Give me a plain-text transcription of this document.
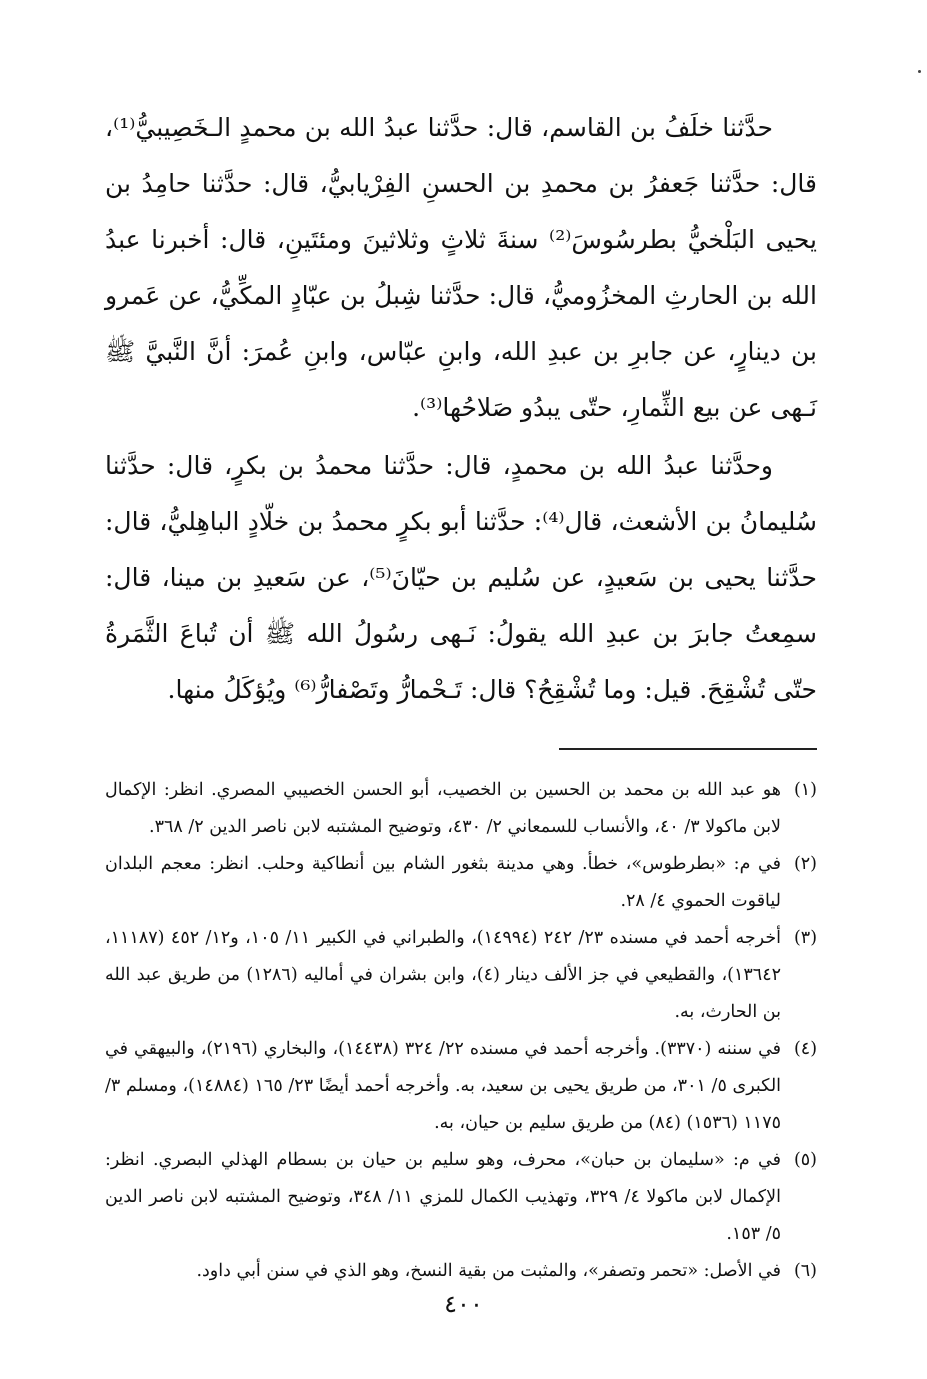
حدَّثنا خلَفُ بن القاسم، قال: حدَّثنا عبدُ الله بن محمدٍ الـخَصِيبيُّ⁽¹⁾، قال: حدَّثنا جَعفرُ بن محمدِ بن الحسنِ الفِرْيابيُّ، قال: حدَّثنا حامِدُ بن يحيى البَلْخيُّ بطرسُوسَ⁽²⁾ سنةَ ثلاثٍ وثلاثينَ ومئتَينِ، قال: أخبرنا عبدُ الله بن الحارثِ المخزُوميُّ، قال: حدَّثنا شِبلُ بن عبّادٍ المكِّيُّ، عن عَمرو بن دينارٍ، عن جابرِ بن عبدِ الله، وابنِ عبّاس، وابنِ عُمرَ: أنَّ النَّبيَّ ﷺ نَـهى عن بيع الثِّمارِ، حتّى يبدُو صَلاحُها⁽³⁾.

وحدَّثنا عبدُ الله بن محمدٍ، قال: حدَّثنا محمدُ بن بكرٍ، قال: حدَّثنا سُليمانُ بن الأشعث، قال⁽⁴⁾: حدَّثنا أبو بكرٍ محمدُ بن خلّادٍ الباهِليُّ، قال: حدَّثنا يحيى بن سَعيدٍ، عن سُليم بن حيّانَ⁽⁵⁾، عن سَعيدِ بن مينا، قال: سمِعتُ جابرَ بن عبدِ الله يقولُ: نَـهى رسُولُ الله ﷺ أن تُباعَ الثَّمَرةُ حتّى تُشْقِحَ. قيل: وما تُشْقِحُ؟ قال: تَـحْمارُّ وتَصْفارُّ⁽⁶⁾ ويُؤكَلُ منها.

(١)هو عبد الله بن محمد بن الحسين بن الخصيب، أبو الحسن الخصيبي المصري. انظر: الإكمال لابن ماكولا ٣/ ٤٠، والأنساب للسمعاني ٢/ ٤٣٠، وتوضيح المشتبه لابن ناصر الدين ٢/ ٣٦٨.

(٢)في م: «بطرطوس»، خطأ. وهي مدينة بثغور الشام بين أنطاكية وحلب. انظر: معجم البلدان لياقوت الحموي ٤/ ٢٨.

(٣)أخرجه أحمد في مسنده ٢٣/ ٢٤٢ (١٤٩٩٤)، والطبراني في الكبير ١١/ ١٠٥، و١٢/ ٤٥٢ (١١١٨٧، ١٣٦٤٢)، والقطيعي في جز الألف دينار (٤)، وابن بشران في أماليه (١٢٨٦) من طريق عبد الله بن الحارث، به.

(٤)في سننه (٣٣٧٠). وأخرجه أحمد في مسنده ٢٢/ ٣٢٤ (١٤٤٣٨)، والبخاري (٢١٩٦)، والبيهقي في الكبرى ٥/ ٣٠١، من طريق يحيى بن سعيد، به. وأخرجه أحمد أيضًا ٢٣/ ١٦٥ (١٤٨٨٤)، ومسلم ٣/ ١١٧٥ (١٥٣٦) (٨٤) من طريق سليم بن حيان، به.

(٥)في م: «سليمان بن حبان»، محرف، وهو سليم بن حيان بن بسطام الهذلي البصري. انظر: الإكمال لابن ماكولا ٤/ ٣٢٩، وتهذيب الكمال للمزي ١١/ ٣٤٨، وتوضيح المشتبه لابن ناصر الدين ٥/ ١٥٣.

(٦)في الأصل: «تحمر وتصفر»، والمثبت من بقية النسخ، وهو الذي في سنن أبي داود.

٤٠٠
